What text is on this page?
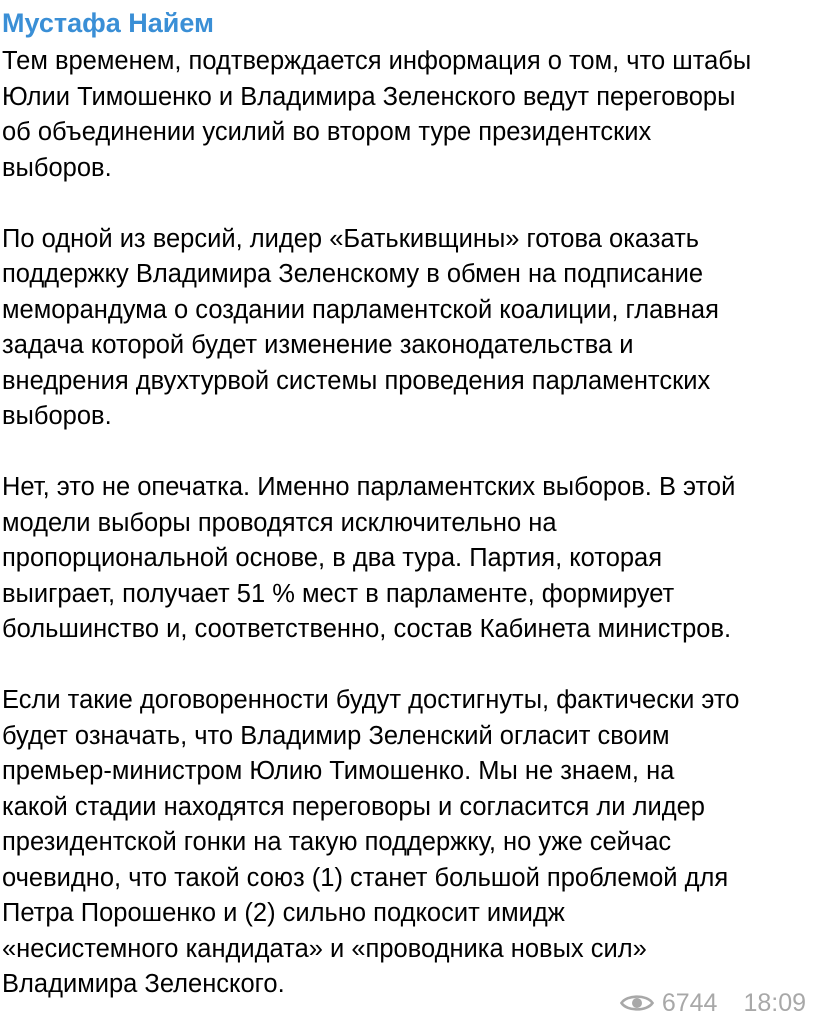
Мустафа Найем

Тем временем, подтверждается информация о том, что штабы
Юлии Тимошенко и Владимира Зеленского ведут переговоры
об объединении усилий во втором туре президентских
выборов.

По одной из версий, лидер «Батькивщины» готова оказать
поддержку Владимира Зеленскому в обмен на подписание
меморандума о создании парламентской коалиции, главная
задача которой будет изменение законодательства и
внедрения двухтурвой системы проведения парламентских
выборов.

Нет, это не опечатка. Именно парламентских выборов. В этой
модели выборы проводятся исключительно на
пропорциональной основе, в два тура. Партия, которая
выиграет, получает 51 % мест в парламенте, формирует
большинство и, соответственно, состав Кабинета министров.

Если такие договоренности будут достигнуты, фактически это
будет означать, что Владимир Зеленский огласит своим
премьер-министром Юлию Тимошенко. Мы не знаем, на
какой стадии находятся переговоры и согласится ли лидер
президентской гонки на такую поддержку, но уже сейчас
очевидно, что такой союз (1) станет большой проблемой для
Петра Порошенко и (2) сильно подкосит имидж
«несистемного кандидата» и «проводника новых сил»
Владимира Зеленского.

6744 18:09
